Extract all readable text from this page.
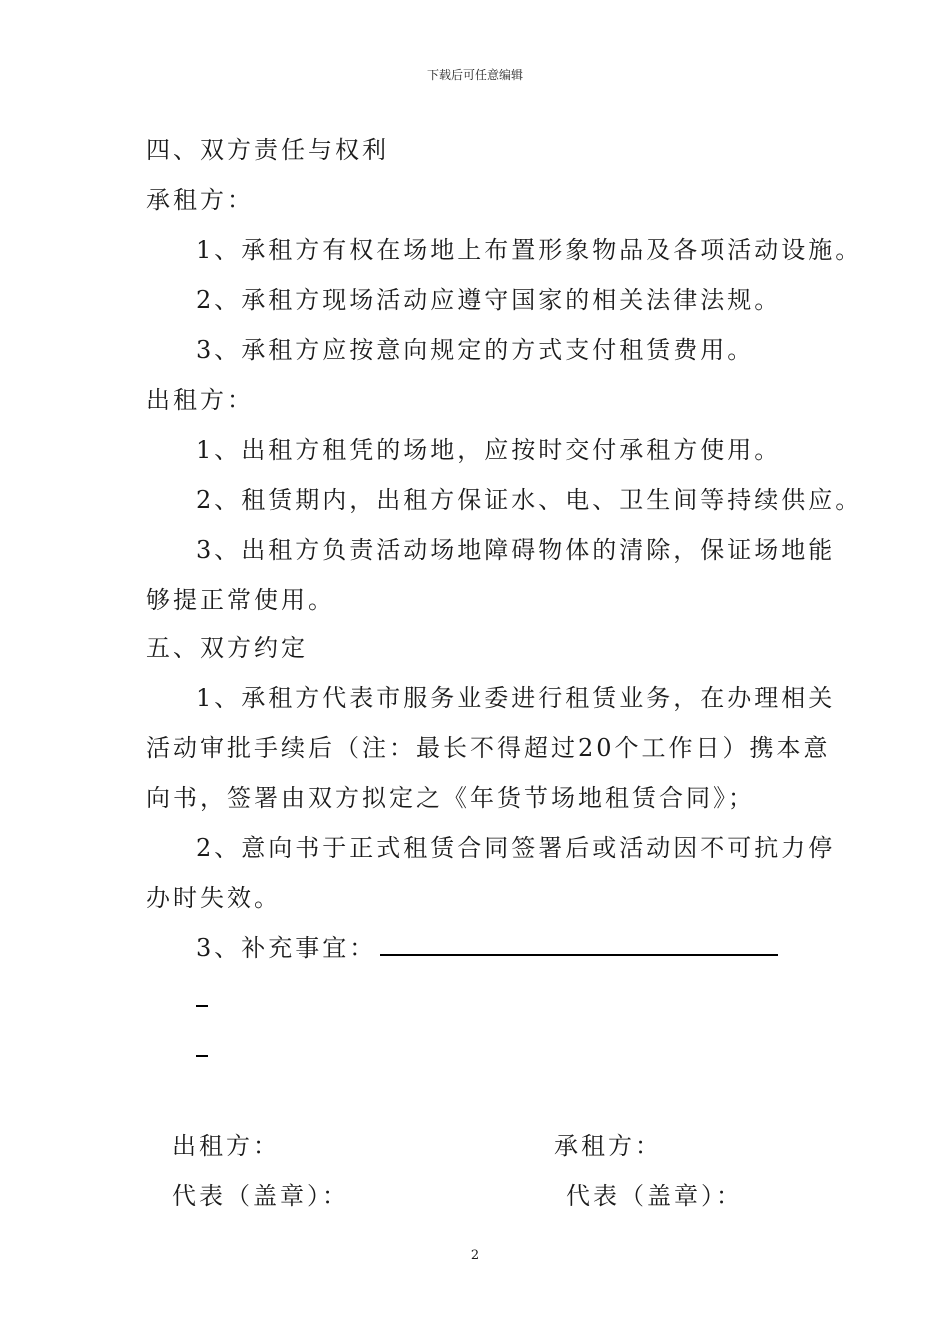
下载后可任意编辑
四、双方责任与权利
承租方：
1、承租方有权在场地上布置形象物品及各项活动设施。
2、承租方现场活动应遵守国家的相关法律法规。
3、承租方应按意向规定的方式支付租赁费用。
出租方：
1、出租方租凭的场地，应按时交付承租方使用。
2、租赁期内，出租方保证水、电、卫生间等持续供应。
3、出租方负责活动场地障碍物体的清除，保证场地能
够提正常使用。
五、双方约定
1、承租方代表市服务业委进行租赁业务，在办理相关
活动审批手续后（注：最长不得超过20个工作日）携本意
向书，签署由双方拟定之《年货节场地租赁合同》；
2、意向书于正式租赁合同签署后或活动因不可抗力停
办时失效。
3、补充事宜：
出租方：	承租方：
代表（盖章）：	代表（盖章）：
2
